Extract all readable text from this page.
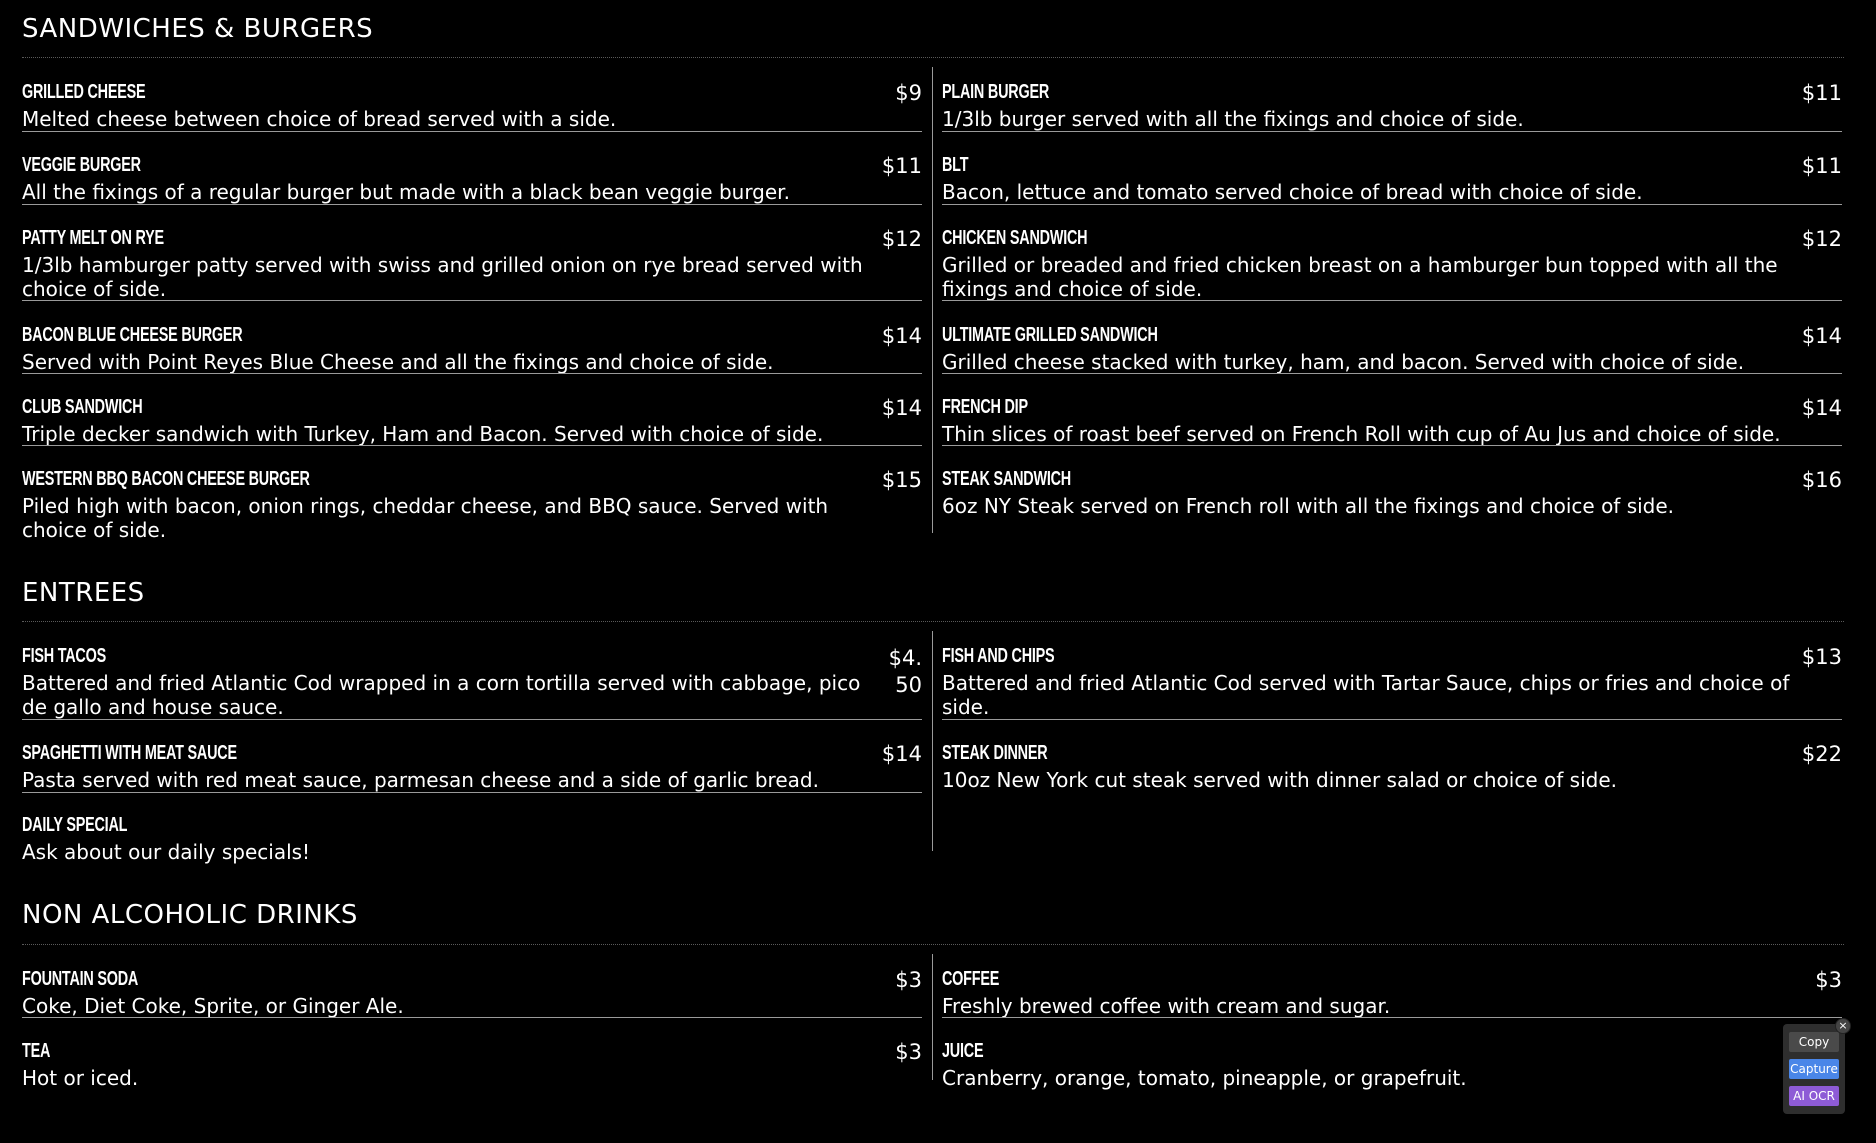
SANDWICHES & BURGERS
GRILLED CHEESE	$9
Melted cheese between choice of bread served with a side.
VEGGIE BURGER	$11
All the fixings of a regular burger but made with a black bean veggie burger.
PATTY MELT ON RYE	$12
1/3lb hamburger patty served with swiss and grilled onion on rye bread served with choice of side.
BACON BLUE CHEESE BURGER	$14
Served with Point Reyes Blue Cheese and all the fixings and choice of side.
CLUB SANDWICH	$14
Triple decker sandwich with Turkey, Ham and Bacon. Served with choice of side.
WESTERN BBQ BACON CHEESE BURGER	$15
Piled high with bacon, onion rings, cheddar cheese, and BBQ sauce. Served with choice of side.
PLAIN BURGER	$11
1/3lb burger served with all the fixings and choice of side.
BLT	$11
Bacon, lettuce and tomato served choice of bread with choice of side.
CHICKEN SANDWICH	$12
Grilled or breaded and fried chicken breast on a hamburger bun topped with all the fixings and choice of side.
ULTIMATE GRILLED SANDWICH	$14
Grilled cheese stacked with turkey, ham, and bacon. Served with choice of side.
FRENCH DIP	$14
Thin slices of roast beef served on French Roll with cup of Au Jus and choice of side.
STEAK SANDWICH	$16
6oz NY Steak served on French roll with all the fixings and choice of side.
ENTREES
FISH TACOS	$4.50
Battered and fried Atlantic Cod wrapped in a corn tortilla served with cabbage, pico de gallo and house sauce.
SPAGHETTI WITH MEAT SAUCE	$14
Pasta served with red meat sauce, parmesan cheese and a side of garlic bread.
DAILY SPECIAL
Ask about our daily specials!
FISH AND CHIPS	$13
Battered and fried Atlantic Cod served with Tartar Sauce, chips or fries and choice of side.
STEAK DINNER	$22
10oz New York cut steak served with dinner salad or choice of side.
NON ALCOHOLIC DRINKS
FOUNTAIN SODA	$3
Coke, Diet Coke, Sprite, or Ginger Ale.
TEA	$3
Hot or iced.
COFFEE	$3
Freshly brewed coffee with cream and sugar.
JUICE
Cranberry, orange, tomato, pineapple, or grapefruit.
×
Copy
Capture
AI OCR
